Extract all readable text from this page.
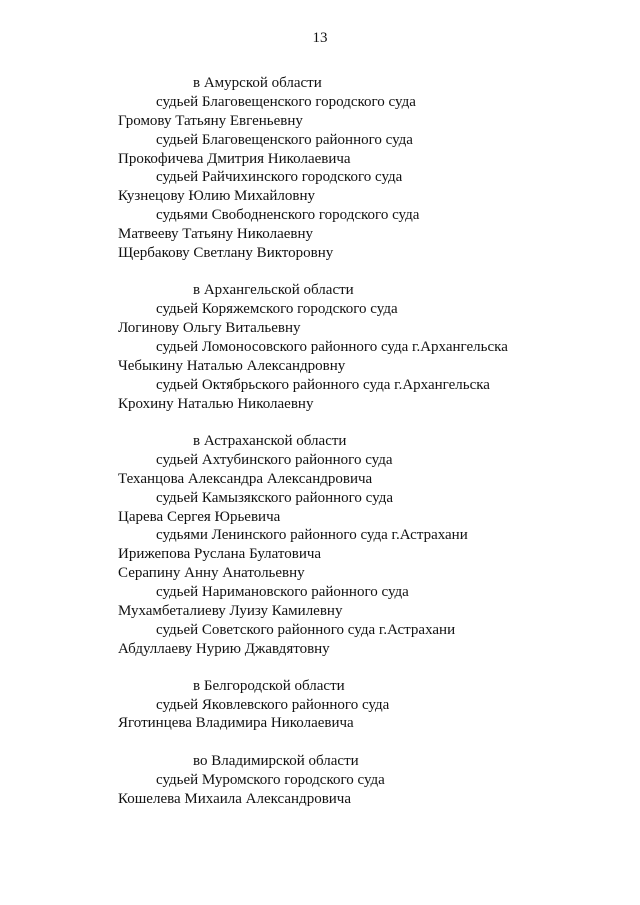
13
в Амурской области
судьей Благовещенского городского суда
Громову Татьяну Евгеньевну
судьей Благовещенского районного суда
Прокофичева Дмитрия Николаевича
судьей Райчихинского городского суда
Кузнецову Юлию Михайловну
судьями Свободненского городского суда
Матвееву Татьяну Николаевну
Щербакову Светлану Викторовну
в Архангельской области
судьей Коряжемского городского суда
Логинову Ольгу Витальевну
судьей Ломоносовского районного суда г.Архангельска
Чебыкину Наталью Александровну
судьей Октябрьского районного суда г.Архангельска
Крохину Наталью Николаевну
в Астраханской области
судьей Ахтубинского районного суда
Теханцова Александра Александровича
судьей Камызякского районного суда
Царева Сергея Юрьевича
судьями Ленинского районного суда г.Астрахани
Ирижепова Руслана Булатовича
Серапину Анну Анатольевну
судьей Наримановского районного суда
Мухамбеталиеву Луизу Камилевну
судьей Советского районного суда г.Астрахани
Абдуллаеву Нурию Джавдятовну
в Белгородской области
судьей Яковлевского районного суда
Яготинцева Владимира Николаевича
во Владимирской области
судьей Муромского городского суда
Кошелева Михаила Александровича
